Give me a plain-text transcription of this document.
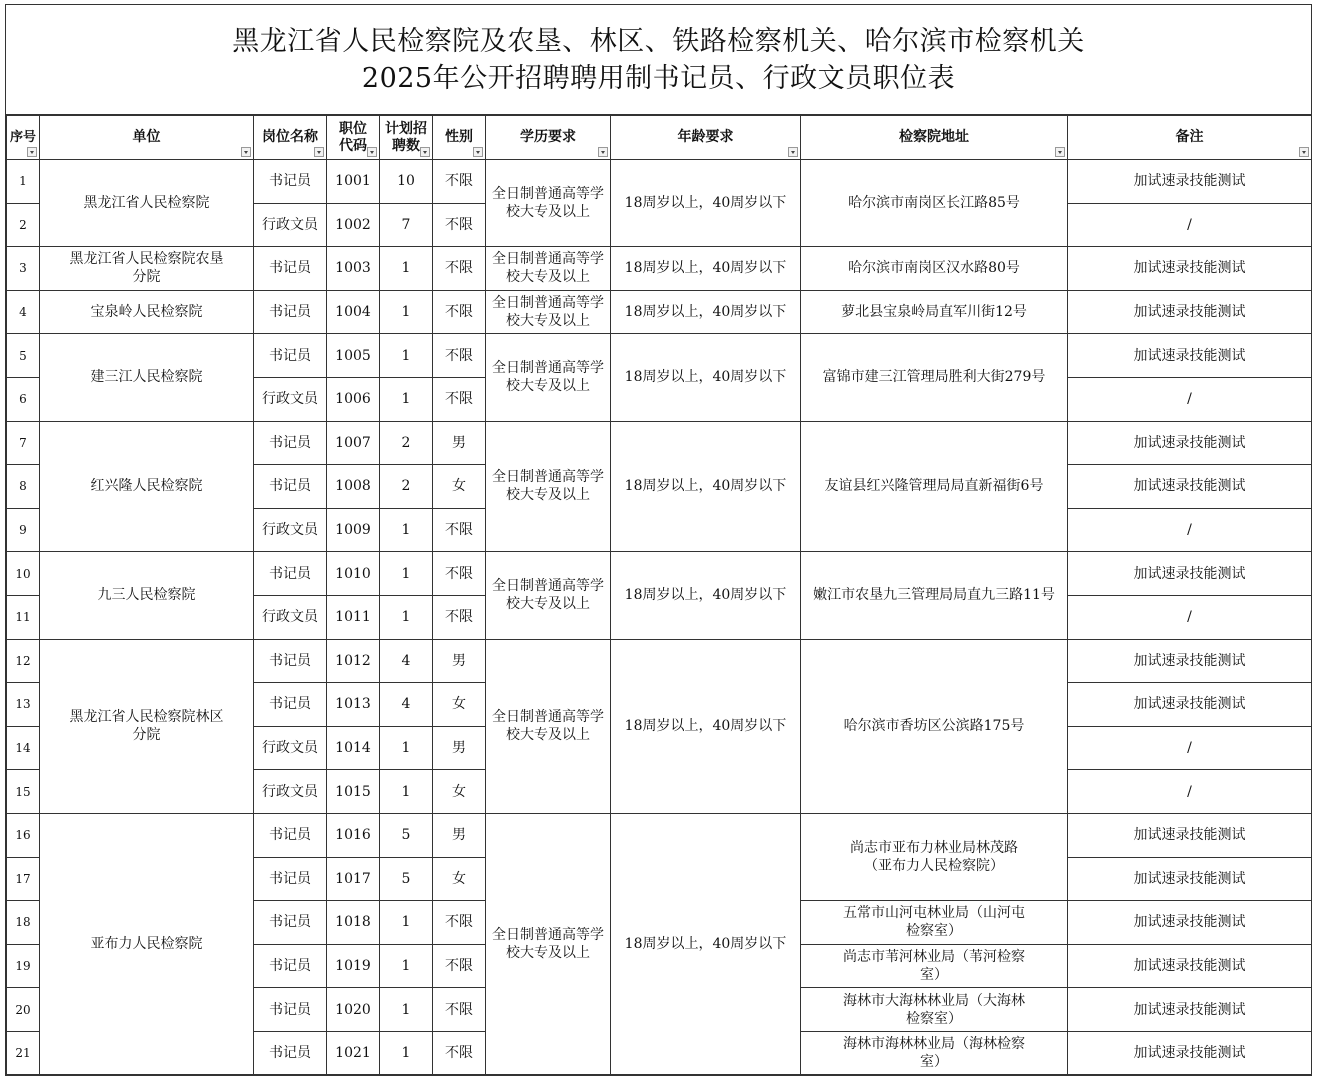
黑龙江省人民检察院及农垦、林区、铁路检察机关、哈尔滨市检察机关
2025年公开招聘聘用制书记员、行政文员职位表
序号	单位	岗位名称	职位代码	计划招聘数	性别	学历要求	年龄要求	检察院地址	备注

1	黑龙江省人民检察院	书记员	1001	10	不限	全日制普通高等学校大专及以上	18周岁以上，40周岁以下	哈尔滨市南岗区长江路85号	加试速录技能测试
2		行政文员	1002	7	不限				/
3	黑龙江省人民检察院农垦分院	书记员	1003	1	不限	全日制普通高等学校大专及以上	18周岁以上，40周岁以下	哈尔滨市南岗区汉水路80号	加试速录技能测试
4	宝泉岭人民检察院	书记员	1004	1	不限	全日制普通高等学校大专及以上	18周岁以上，40周岁以下	萝北县宝泉岭局直军川街12号	加试速录技能测试
5	建三江人民检察院	书记员	1005	1	不限	全日制普通高等学校大专及以上	18周岁以上，40周岁以下	富锦市建三江管理局胜利大街279号	加试速录技能测试
6		行政文员	1006	1	不限				/
7	红兴隆人民检察院	书记员	1007	2	男	全日制普通高等学校大专及以上	18周岁以上，40周岁以下	友谊县红兴隆管理局局直新福街6号	加试速录技能测试
8		书记员	1008	2	女				加试速录技能测试
9		行政文员	1009	1	不限				/
10	九三人民检察院	书记员	1010	1	不限	全日制普通高等学校大专及以上	18周岁以上，40周岁以下	嫩江市农垦九三管理局局直九三路11号	加试速录技能测试
11		行政文员	1011	1	不限				/
12	黑龙江省人民检察院林区分院	书记员	1012	4	男	全日制普通高等学校大专及以上	18周岁以上，40周岁以下	哈尔滨市香坊区公滨路175号	加试速录技能测试
13		书记员	1013	4	女				加试速录技能测试
14		行政文员	1014	1	男				/
15		行政文员	1015	1	女				/
16	亚布力人民检察院	书记员	1016	5	男	全日制普通高等学校大专及以上	18周岁以上，40周岁以下	尚志市亚布力林业局林茂路（亚布力人民检察院）	加试速录技能测试
17		书记员	1017	5	女				加试速录技能测试
18		书记员	1018	1	不限			五常市山河屯林业局（山河屯检察室）	加试速录技能测试
19		书记员	1019	1	不限			尚志市苇河林业局（苇河检察室）	加试速录技能测试
20		书记员	1020	1	不限			海林市大海林林业局（大海林检察室）	加试速录技能测试
21		书记员	1021	1	不限			海林市海林林业局（海林检察室）	加试速录技能测试
